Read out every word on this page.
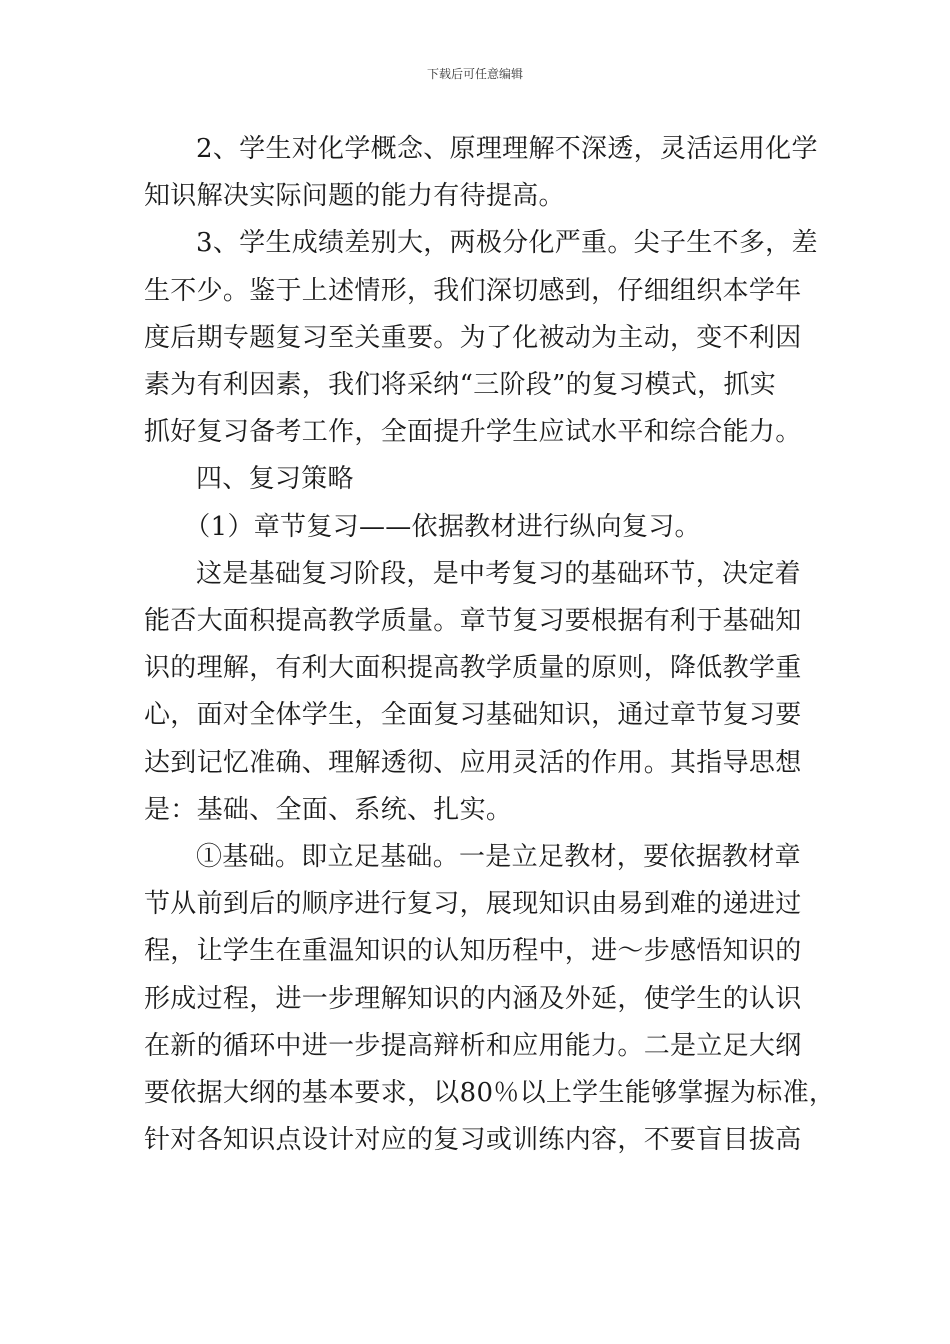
下载后可任意编辑
2、学生对化学概念、原理理解不深透，灵活运用化学
知识解决实际问题的能力有待提高。
3、学生成绩差别大，两极分化严重。尖子生不多，差
生不少。鉴于上述情形，我们深切感到，仔细组织本学年
度后期专题复习至关重要。为了化被动为主动，变不利因
素为有利因素，我们将采纳“三阶段”的复习模式，抓实
抓好复习备考工作，全面提升学生应试水平和综合能力。
四、复习策略
（1）章节复习——依据教材进行纵向复习。
这是基础复习阶段，是中考复习的基础环节，决定着
能否大面积提高教学质量。章节复习要根据有利于基础知
识的理解，有利大面积提高教学质量的原则，降低教学重
心，面对全体学生，全面复习基础知识，通过章节复习要
达到记忆准确、理解透彻、应用灵活的作用。其指导思想
是：基础、全面、系统、扎实。
①基础。即立足基础。一是立足教材，要依据教材章
节从前到后的顺序进行复习，展现知识由易到难的递进过
程，让学生在重温知识的认知历程中，进～步感悟知识的
形成过程，进一步理解知识的内涵及外延，使学生的认识
在新的循环中进一步提高辩析和应用能力。二是立足大纲
要依据大纲的基本要求，以80％以上学生能够掌握为标准，
针对各知识点设计对应的复习或训练内容，不要盲目拔高
